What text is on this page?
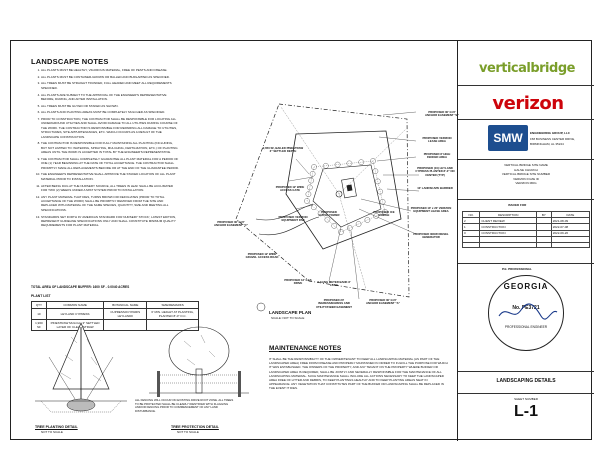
LANDSCAPE NOTES
1. ALL PLANTS MUST BE HEALTHY, VIGOROUS MATERIAL, FREE OF PESTS AND DISEASE.
2. ALL PLANTS MUST BE CONTAINER-GROWN OR BALLED AND BURLAPPED AS SPECIFIED.
3. ALL TREES MUST BE STRAIGHT TRUNKED, FULL HEADED AND MEET ALL REQUIREMENTS SPECIFIED.
4. ALL PLANTS ARE SUBJECT TO THE APPROVAL OF THE ENGINEER'S REPRESENTATIVE BEFORE, DURING, AND AFTER INSTALLATION.
5. ALL TREES MUST BE GUYED OR STAKED AS SHOWN.
6. ALL PLANTS AND PLANTING AREAS MUST BE COMPLETELY MULCHED AS SPECIFIED.
7. PRIOR TO CONSTRUCTION, THE CONTRACTOR SHALL BE RESPONSIBLE FOR LOCATING ALL UNDERGROUND UTILITIES AND SHALL AVOID DAMAGE TO ALL UTILITIES DURING COURSE OF THE WORK. THE CONTRACTOR IS RESPONSIBLE FOR REPAIRING ALL DAMAGE TO UTILITIES, STRUCTURES, SITE APPURTENANCES, ETC. WHICH OCCURS AS A RESULT OF THE LANDSCAPE CONSTRUCTION.
8. THE CONTRACTOR IS RESPONSIBLE FOR FULLY MAINTAINING ALL PLANTING (INCLUDING, BUT NOT LIMITED TO: WATERING, SPRAYING, MULCHING, FERTILIZATION, ETC.) OF PLANTING AREAS UNTIL THE WORK IS ACCEPTED IN TOTAL BY THE ENGINEER'S REPRESENTATIVE.
9. THE CONTRACTOR SHALL COMPLETELY GUARANTEE ALL PLANT MATERIAL FOR A PERIOD OF ONE (1) YEAR BEGINNING AT THE DATE OF TOTAL ACCEPTANCE. THE CONTRACTOR SHALL PROMPTLY MAKE ALL REPLACEMENTS BEFORE OR AT THE END OF THE GUARANTEE PERIOD.
10. THE ENGINEER'S REPRESENTATIVE SHALL APPROVE THE STAKED LOCATION OF ALL PLANT MATERIAL PRIOR TO INSTALLATION.
11. AFTER BEING DUG AT THE NURSERY SOURCE, ALL TREES IN LEAF SHALL BE ACCLIMATED FOR TWO (2) WEEKS UNDER A MIST SYSTEM PRIOR TO INSTALLATION.
12. ANY PLANT MATERIAL THAT DIES, TURNS BROWN OR DEFOLIATES (PRIOR TO TOTAL ACCEPTANCE OF THE WORK) SHALL BE PROMPTLY REMOVED FROM THE SITE AND REPLACED WITH MATERIAL OF THE SAME SPECIES, QUANTITY, SIZE AND MEETING ALL SPECIFICATIONS.
13. STANDARDS SET FORTH IN 'AMERICAN STANDARD FOR NURSERY STOCK', LATEST EDITION, REPRESENT GUIDELINE SPECIFICATIONS ONLY AND SHALL CONSTITUTE MINIMUM QUALITY REQUIREMENTS FOR PLANT MATERIAL.
TOTAL AREA OF LANDSCAPE BUFFER: 1600 SF - 0.0040 ACRES
PLANT LIST
QTY	COMMON NAME	BOTANICAL NAME	SIZE/REMARKS
10	LEYLAND CYPRESS	CUPRESSOCYPARIS LEYLANDII	6' MIN. HEIGHT AT PLANTING, PLANTED 8'-0" O.C.
1,960 SF	PINESTRAW MULCH - 3" SETTLED LAYER OF CLEAN STRAW		
PROPOSED 30' GUY ANCHOR EASEMENT "B"
PROPOSED VERIZON LEASE AREA
PROPOSED 8' HIGH FENCED AREA
PROPOSED (10) LEYLAND CYPRESS PLANTED 8'-0" ON CENTER (TYP)
10' LANDSCAPE BARRIER
PROPOSED 10' x 20' VERIZON EQUIPMENT LEASE AREA
PROPOSED 30KW DIESEL GENERATOR
2,650 SF, BAILED PINESTRAW 3" SETTLED DEPTH
PROPOSED 12' WIDE ACCESS GATE
PROPOSED VERIZON EQUIPMENT PAD
PROPOSED GUYED TOWER
PROPOSED ICE BRIDGE
PROPOSED 12' WIDE GRAVEL ACCESS ROAD
PROPOSED 30' GUY ANCHOR EASEMENT "C"
PROPOSED 12' GAS DRIVE	6 GANG METER BANK 8' LONG
PROPOSED 20' INGRESS/EGRESS AND UTILITY/FIBER EASEMENT
PROPOSED 30' GUY ANCHOR EASEMENT "A"
LANDSCAPE PLAN
SCALE: NOT TO SCALE
TREE PLANTING DETAIL
NOT TO SCALE
ALL FENCING WILL OCCUR ON EXISTING DRIVE ROOT ZONE. ALL TREES TO BE PROTECTED SHALL BE CLEARLY IDENTIFIED WITH FLAGGING AND/OR FENCING PRIOR TO COMMENCEMENT OF ANY LAND DISTURBANCE.
TREE PROTECTION DETAIL
NOT TO SCALE
MAINTENANCE NOTES
IT SHALL BE THE RESPONSIBILITY OF THE OWNER/TENANT TO KEEP ALL LANDSCAPING MATERIAL (AS PART OF THE LANDSCAPED AREA) FREE FROM DISEASE AND PROPERLY MAINTAINED IN ORDER TO FULFILL THE PURPOSE FOR WHICH IT WAS ESTABLISHED. THE OWNERS OF THE PROPERTY, AND ANY TENANT ON THE PROPERTY WHERE BUFFER OR LANDSCAPED AREA IS REQUIRED, SHALL BE JOINTLY AND SEVERALLY RESPONSIBLE FOR THE MAINTENANCE OF ALL LANDSCAPING MATERIAL. SUCH MAINTENANCE SHALL INCLUDE ALL ACTIONS NECESSARY TO KEEP THE LANDSCAPED AREA FREE OF LITTER AND DEBRIS, TO KEEP PLANTINGS HEALTHY AND TO KEEP PLANTING AREAS NEAT IN APPEARANCE. ANY VEGETATION THAT CONSTITUTES PART OF THE BUFFER OR LANDSCAPING SHALL BE REPLACED IN THE EVENT IT DIES.
verticalbridge
verizon
SMW	ENGINEERING GROUP, LLC
158 BUSINESS CENTER DRIVE, BIRMINGHAM, AL 35244
VERTICAL BRIDGE SITE NAME
HALSE CHURCH
VERTICAL BRIDGE SITE NUMBER
VERIZON FUZE ID
VERIZON MDG
ISSUED FOR
NO.	DESCRIPTION	BY	DATE
2	CLIENT REVIEW		2021-08-09
1	CONSTRUCTION		2022-07-08
0	CONSTRUCTION		2022-09-26

P.E. PROFESSIONAL
GEORGIA
No. PE3721
PROFESSIONAL ENGINEER
LANDSCAPING DETAILS
SHEET NUMBER
L-1
